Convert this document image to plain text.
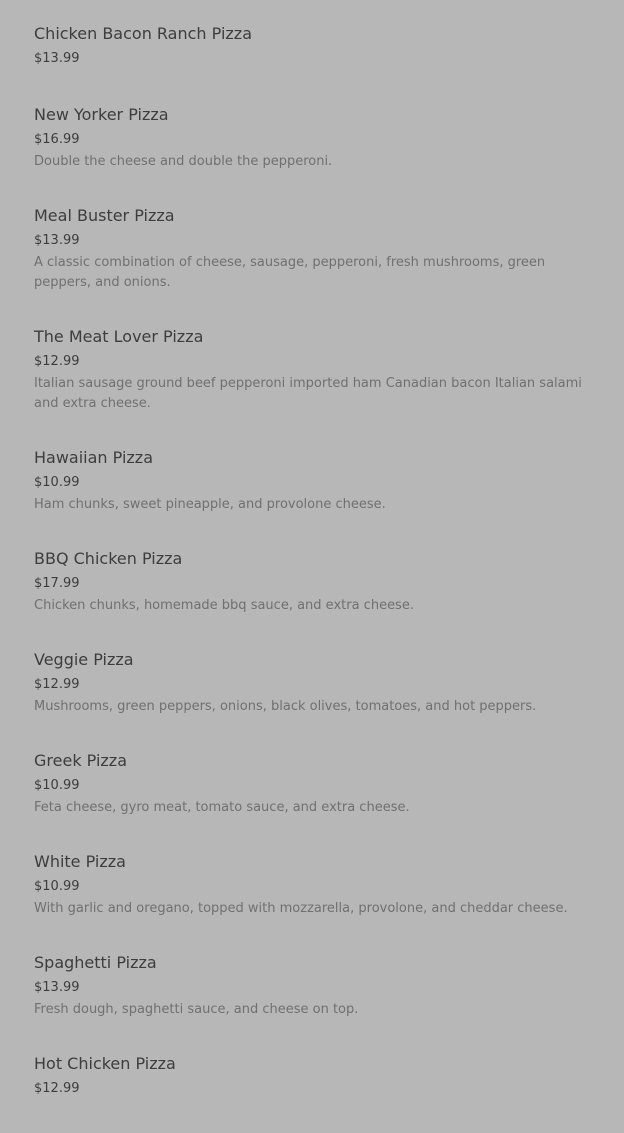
Chicken Bacon Ranch Pizza
$13.99
New Yorker Pizza
$16.99
Double the cheese and double the pepperoni.
Meal Buster Pizza
$13.99
A classic combination of cheese, sausage, pepperoni, fresh mushrooms, green peppers, and onions.
The Meat Lover Pizza
$12.99
Italian sausage ground beef pepperoni imported ham Canadian bacon Italian salami and extra cheese.
Hawaiian Pizza
$10.99
Ham chunks, sweet pineapple, and provolone cheese.
BBQ Chicken Pizza
$17.99
Chicken chunks, homemade bbq sauce, and extra cheese.
Veggie Pizza
$12.99
Mushrooms, green peppers, onions, black olives, tomatoes, and hot peppers.
Greek Pizza
$10.99
Feta cheese, gyro meat, tomato sauce, and extra cheese.
White Pizza
$10.99
With garlic and oregano, topped with mozzarella, provolone, and cheddar cheese.
Spaghetti Pizza
$13.99
Fresh dough, spaghetti sauce, and cheese on top.
Hot Chicken Pizza
$12.99
